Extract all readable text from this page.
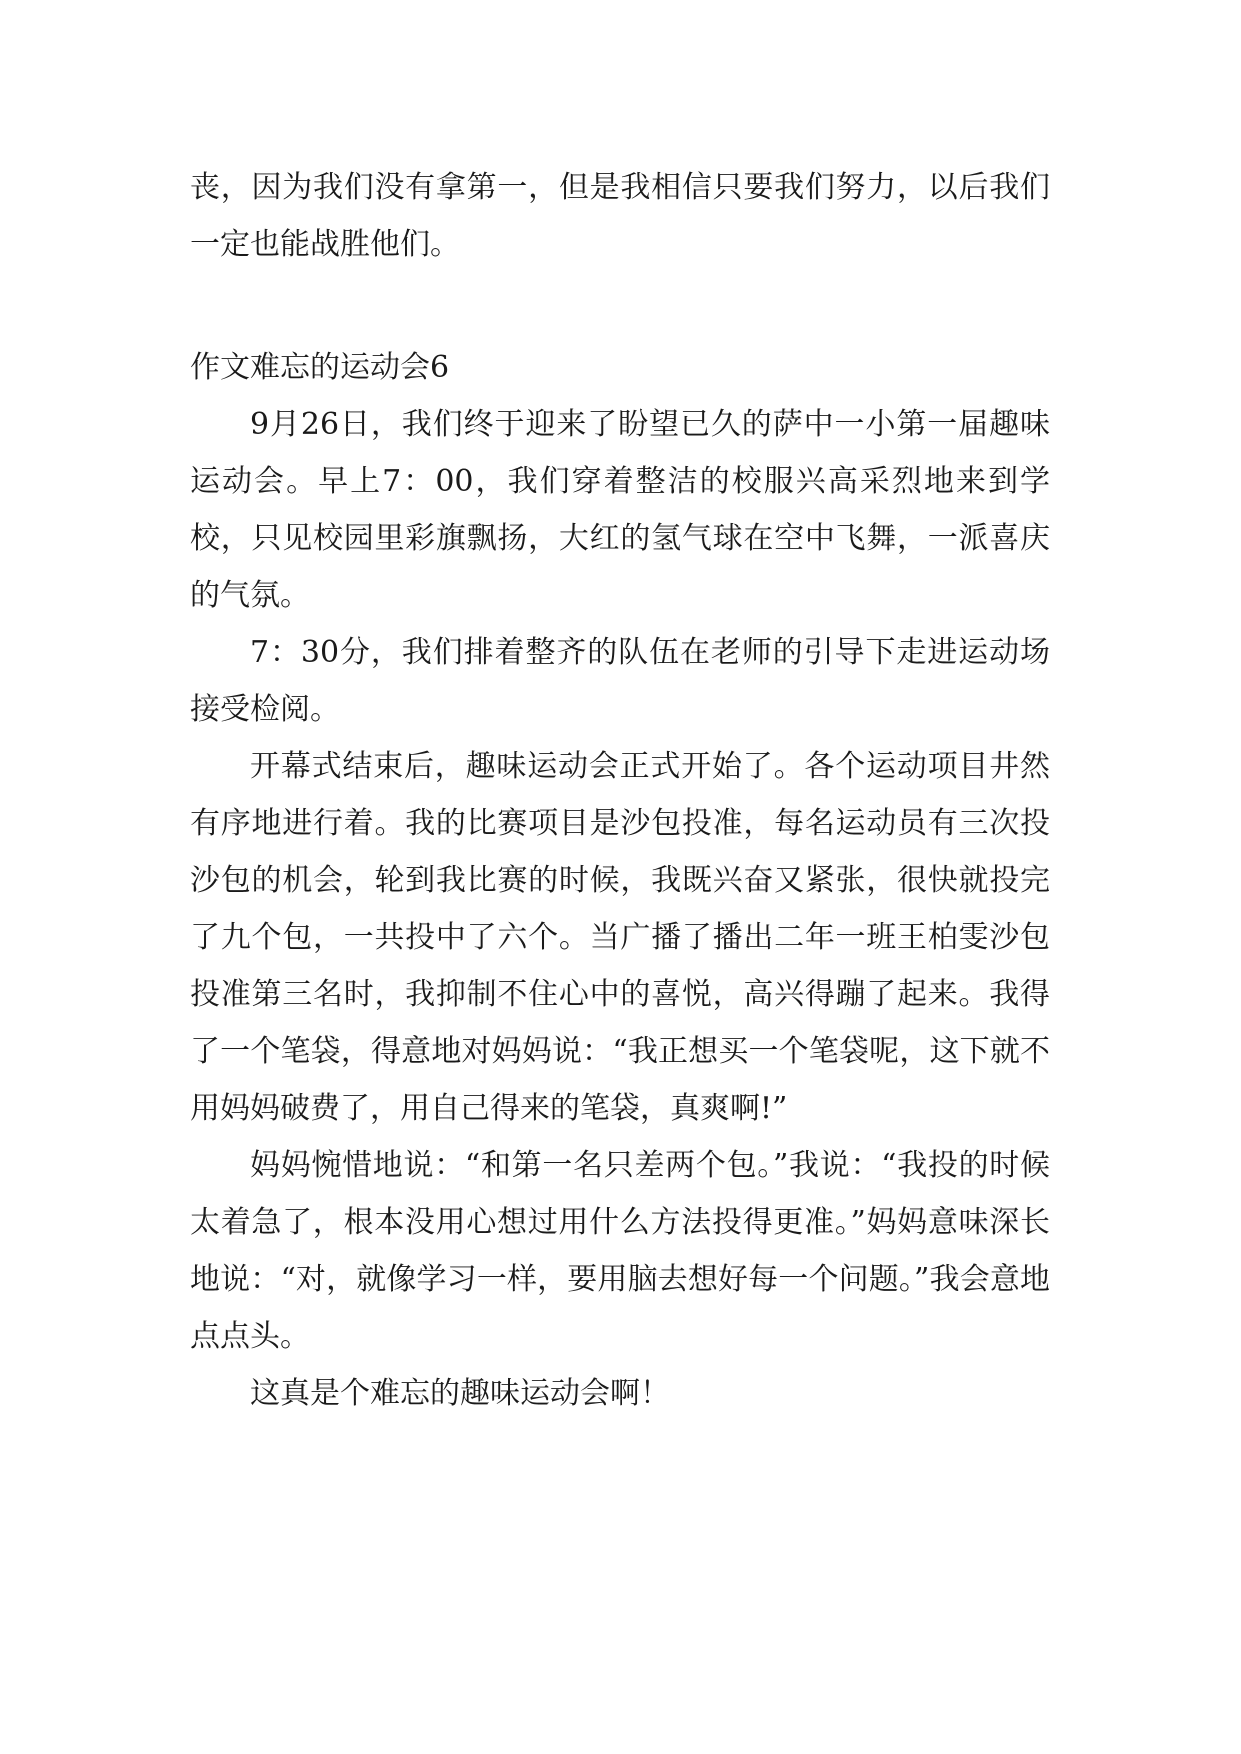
丧，因为我们没有拿第一，但是我相信只要我们努力，以后我们一定也能战胜他们。

作文难忘的运动会6

9月26日，我们终于迎来了盼望已久的萨中一小第一届趣味运动会。早上7：00，我们穿着整洁的校服兴高采烈地来到学校，只见校园里彩旗飘扬，大红的氢气球在空中飞舞，一派喜庆的气氛。

7：30分，我们排着整齐的队伍在老师的引导下走进运动场接受检阅。

开幕式结束后，趣味运动会正式开始了。各个运动项目井然有序地进行着。我的比赛项目是沙包投准，每名运动员有三次投沙包的机会，轮到我比赛的时候，我既兴奋又紧张，很快就投完了九个包，一共投中了六个。当广播了播出二年一班王柏雯沙包投准第三名时，我抑制不住心中的喜悦，高兴得蹦了起来。我得了一个笔袋，得意地对妈妈说：“我正想买一个笔袋呢，这下就不用妈妈破费了，用自己得来的笔袋，真爽啊!”

妈妈惋惜地说：“和第一名只差两个包。”我说：“我投的时候太着急了，根本没用心想过用什么方法投得更准。”妈妈意味深长地说：“对，就像学习一样，要用脑去想好每一个问题。”我会意地点点头。

这真是个难忘的趣味运动会啊！
